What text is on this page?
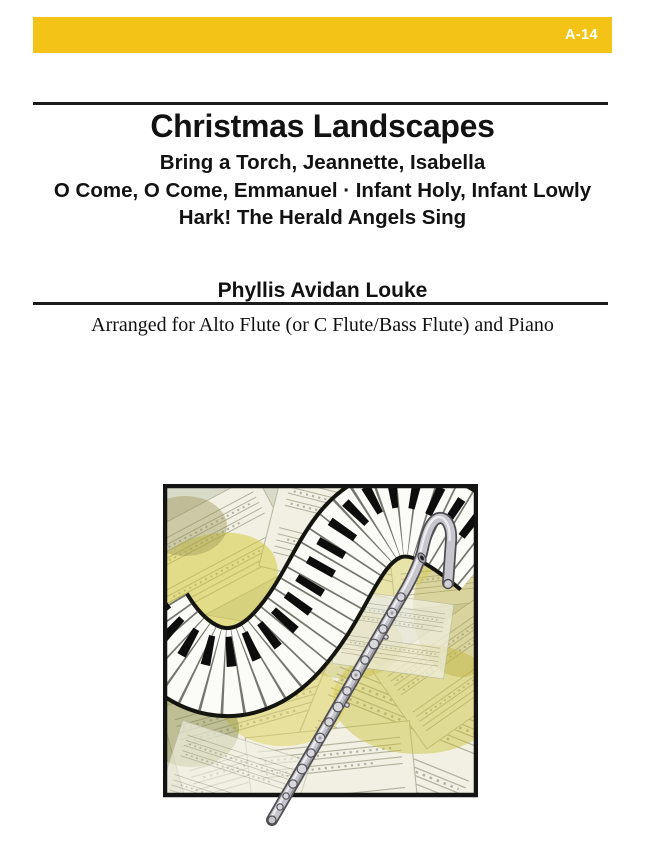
A-14
Christmas Landscapes
Bring a Torch, Jeannette, Isabella
O Come, O Come, Emmanuel · Infant Holy, Infant Lowly
Hark! The Herald Angels Sing
Phyllis Avidan Louke
Arranged for Alto Flute (or C Flute/Bass Flute) and Piano
